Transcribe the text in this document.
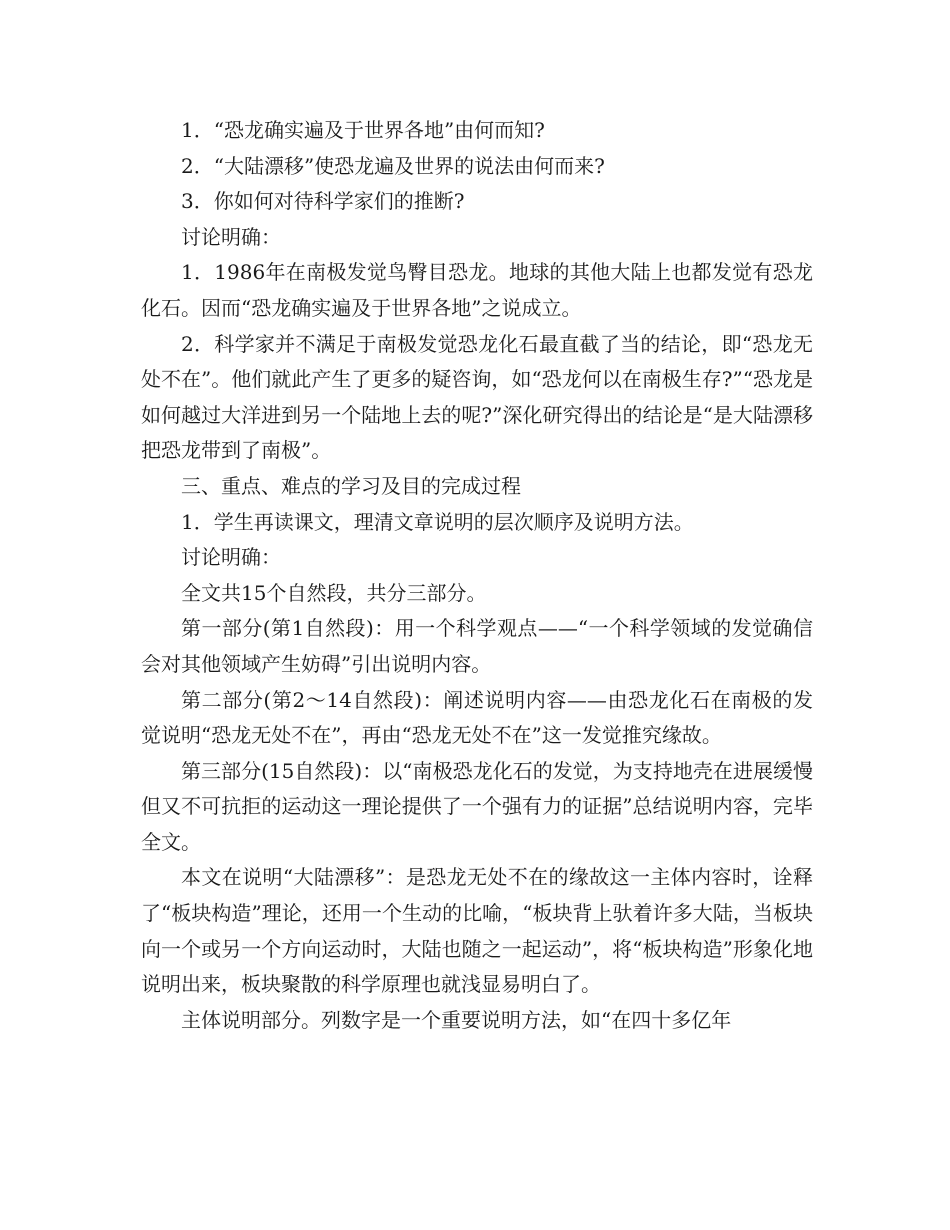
1．“恐龙确实遍及于世界各地”由何而知?

2．“大陆漂移”使恐龙遍及世界的说法由何而来?

3．你如何对待科学家们的推断?

讨论明确：

1．1986年在南极发觉鸟臀目恐龙。地球的其他大陆上也都发觉有恐龙化石。因而“恐龙确实遍及于世界各地”之说成立。

2．科学家并不满足于南极发觉恐龙化石最直截了当的结论，即“恐龙无处不在”。他们就此产生了更多的疑咨询，如“恐龙何以在南极生存?”“恐龙是如何越过大洋进到另一个陆地上去的呢?”深化研究得出的结论是“是大陆漂移把恐龙带到了南极”。

三、重点、难点的学习及目的完成过程

1．学生再读课文，理清文章说明的层次顺序及说明方法。

讨论明确：

全文共15个自然段，共分三部分。

第一部分(第1自然段)：用一个科学观点——“一个科学领域的发觉确信会对其他领域产生妨碍”引出说明内容。

第二部分(第2～14自然段)：阐述说明内容——由恐龙化石在南极的发觉说明“恐龙无处不在”，再由“恐龙无处不在”这一发觉推究缘故。

第三部分(15自然段)：以“南极恐龙化石的发觉，为支持地壳在进展缓慢但又不可抗拒的运动这一理论提供了一个强有力的证据”总结说明内容，完毕全文。

本文在说明“大陆漂移”：是恐龙无处不在的缘故这一主体内容时，诠释了“板块构造”理论，还用一个生动的比喻，“板块背上驮着许多大陆，当板块向一个或另一个方向运动时，大陆也随之一起运动”，将“板块构造”形象化地说明出来，板块聚散的科学原理也就浅显易明白了。

主体说明部分。列数字是一个重要说明方法，如“在四十多亿年
